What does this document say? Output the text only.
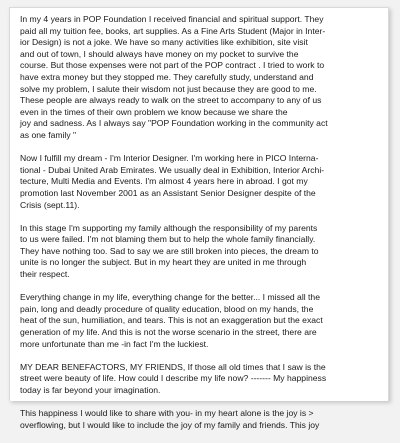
In my 4 years in POP Foundation I received financial and spiritual support. They
paid all my tuition fee, books, art supplies. As a Fine Arts Student (Major in Inter-
ior Design) is not a joke. We have so many activities like exhibition, site visit
and out of town, I should always have money on my pocket to survive the
course. But those expenses were not part of the POP contract . I tried to work to
have extra money but they stopped me. They carefully study, understand and
solve my problem, I salute their wisdom not just because they are good to me.
These people are always ready to walk on the street to accompany to any of us
even in the times of their own problem we know because we share the
joy and sadness. As I always say "POP Foundation working in the community act
as one family "

Now I fulfill my dream - I'm Interior Designer. I'm working here in PICO Interna-
tional - Dubai United Arab Emirates. We usually deal in Exhibition, Interior Archi-
tecture, Multi Media and Events. I'm almost 4 years here in abroad. I got my
promotion last November 2001 as an Assistant Senior Designer despite of the
Crisis (sept.11).

In this stage I'm supporting my family although the responsibility of my parents
to us were failed. I'm not blaming them but to help the whole family financially.
They have nothing too. Sad to say we are still broken into pieces, the dream to
unite is no longer the subject. But in my heart they are united in me through
their respect.

Everything change in my life, everything change for the better... I missed all the
pain, long and deadly procedure of quality education, blood on my hands, the
heat of the sun, humiliation, and tears. This is not an exaggeration but the exact
generation of my life. And this is not the worse scenario in the street, there are
more unfortunate than me -in fact I'm the luckiest.

MY DEAR BENEFACTORS, MY FRIENDS, If those all old times that I saw is the
street were beauty of life. How could I describe my life now? ------- My happiness
today is far beyond your imagination.

This happiness I would like to share with you- in my heart alone is the joy is >
overflowing, but I would like to include the joy of my family and friends. This joy
